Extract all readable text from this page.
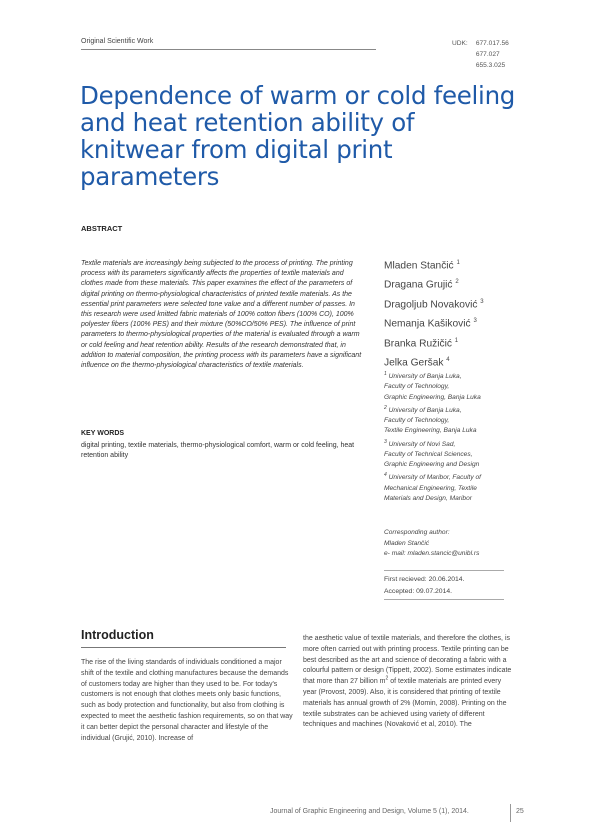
Original Scientific Work	UDK: 677.017.56
677.027
655.3.025
Dependence of warm or cold feeling and heat retention ability of knitwear from digital print parameters
ABSTRACT
Textile materials are increasingly being subjected to the process of printing. The printing process with its parameters significantly affects the properties of textile materials and clothes made from these materials. This paper examines the effect of the parameters of digital printing on thermo-physiological characteristics of printed textile materials. As the essential print parameters were selected tone value and a different number of passes. In this research were used knitted fabric materials of 100% cotton fibers (100% CO), 100% polyester fibers (100% PES) and their mixture (50%CO/50% PES). The influence of print parameters to thermo-physiological properties of the material is evaluated through a warm or cold feeling and heat retention ability. Results of the research demonstrated that, in addition to material composition, the printing process with its parameters have a significant influence on the thermo-physiological characteristics of textile materials.
KEY WORDS
digital printing, textile materials, thermo-physiological comfort, warm or cold feeling, heat retention ability
Mladen Stančić $^1$
Dragana Grujić $^2$
Dragoljub Novaković $^3$
Nemanja Kašiković $^3$
Branka Ružičić $^1$
Jelka Geršak $^4$
$^1$ University of Banja Luka,
Faculty of Technology,
Graphic Engineering, Banja Luka
$^2$ University of Banja Luka,
Faculty of Technology,
Textile Engineering, Banja Luka
$^3$ University of Novi Sad,
Faculty of Technical Sciences,
Graphic Engineering and Design
$^4$ University of Maribor, Faculty of
Mechanical Engineering, Textile
Materials and Design, Maribor
Corresponding author:
Mladen Stančić
e- mail: mladen.stancic@unibl.rs
First recieved: 20.06.2014.
Accepted: 09.07.2014.
Introduction
The rise of the living standards of individuals conditioned a major shift of the textile and clothing manufactures because the demands of customers today are higher than they used to be. For today's customers is not enough that clothes meets only basic functions, such as body protection and functionality, but also from clothing is expected to meet the aesthetic fashion requirements, so on that way it can better depict the personal character and lifestyle of the individual (Grujić, 2010). Increase of
the aesthetic value of textile materials, and therefore the clothes, is more often carried out with printing process. Textile printing can be best described as the art and science of decorating a fabric with a colourful pattern or design (Tippett, 2002). Some estimates indicate that more than 27 billion $m^2$ of textile materials are printed every year (Provost, 2009). Also, it is considered that printing of textile materials has annual growth of 2% (Momin, 2008). Printing on the textile substrates can be achieved using variety of different techniques and machines (Novaković et al, 2010). The
Journal of Graphic Engineering and Design, Volume 5 (1), 2014.	25
